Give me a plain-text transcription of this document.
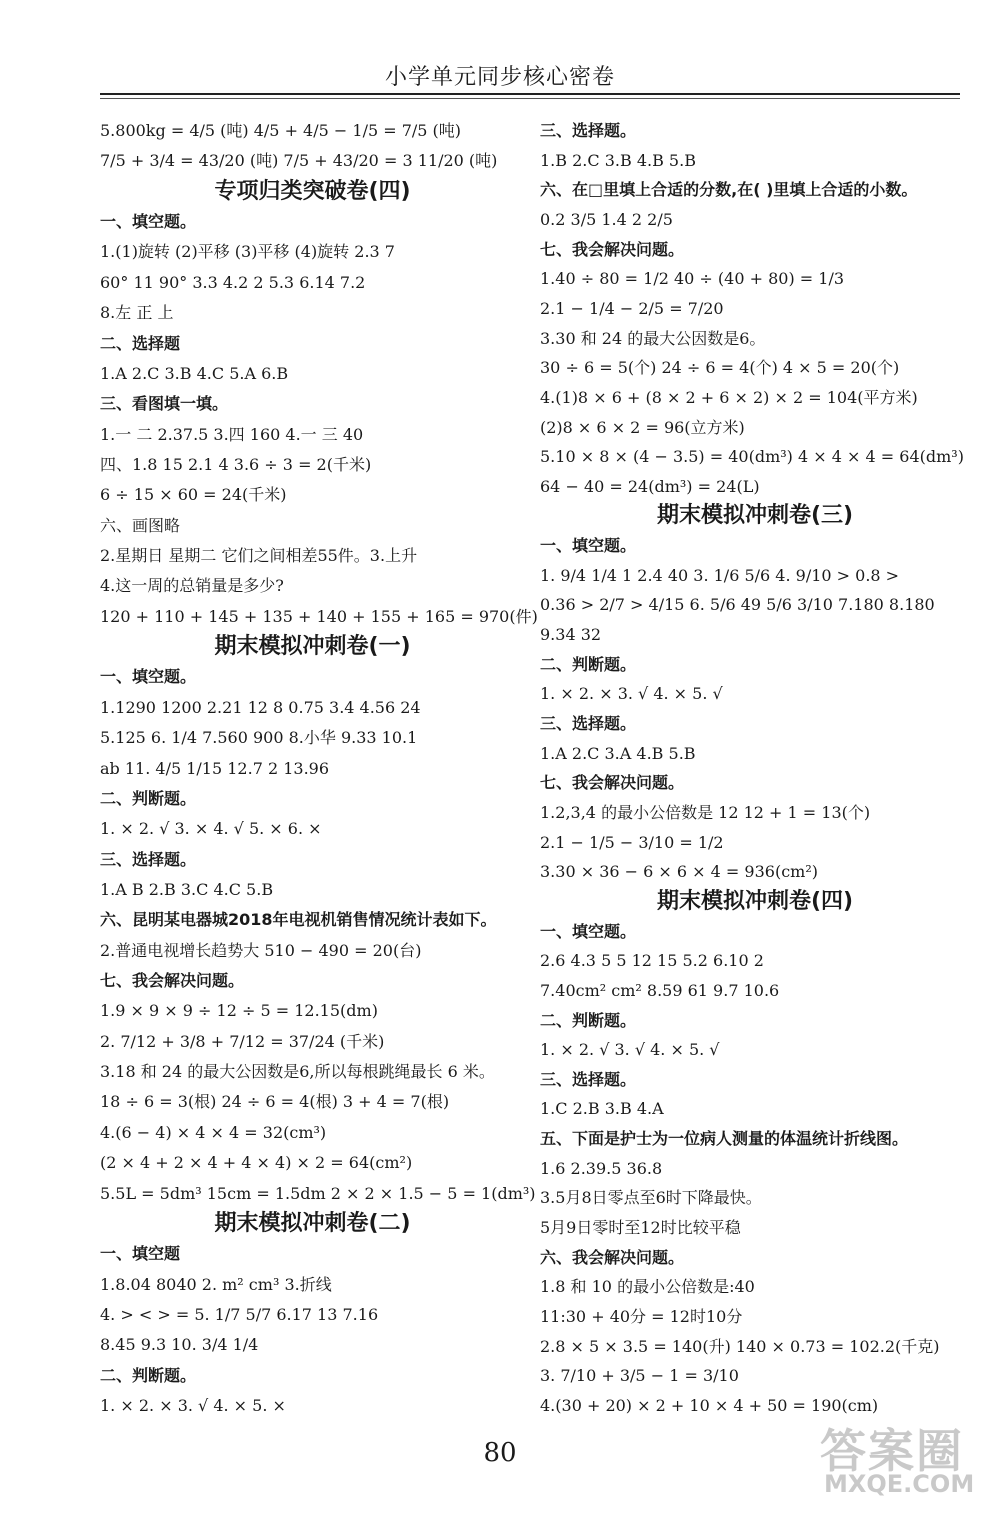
小学单元同步核心密卷
5.800kg = 4/5 (吨) 4/5 + 4/5 − 1/5 = 7/5 (吨)
7/5 + 3/4 = 43/20 (吨) 7/5 + 43/20 = 3 11/20 (吨)
专项归类突破卷(四)
一、填空题。
1.(1)旋转 (2)平移 (3)平移 (4)旋转 2.3 7
60° 11 90° 3.3 4.2 2 5.3 6.14 7.2
8.左 正 上
二、选择题
1.A 2.C 3.B 4.C 5.A 6.B
三、看图填一填。
1.一 二 2.37.5 3.四 160 4.一 三 40
四、1.8 15 2.1 4 3.6 ÷ 3 = 2(千米)
6 ÷ 15 × 60 = 24(千米)
六、画图略
2.星期日 星期二 它们之间相差55件。3.上升
4.这一周的总销量是多少?
120 + 110 + 145 + 135 + 140 + 155 + 165 = 970(件)
期末模拟冲刺卷(一)
一、填空题。
1.1290 1200 2.21 12 8 0.75 3.4 4.56 24
5.125 6. 1/4 7.560 900 8.小华 9.33 10.1
ab 11. 4/5 1/15 12.7 2 13.96
二、判断题。
1. × 2. √ 3. × 4. √ 5. × 6. ×
三、选择题。
1.A B 2.B 3.C 4.C 5.B
六、昆明某电器城2018年电视机销售情况统计表如下。
2.普通电视增长趋势大 510 − 490 = 20(台)
七、我会解决问题。
1.9 × 9 × 9 ÷ 12 ÷ 5 = 12.15(dm)
2. 7/12 + 3/8 + 7/12 = 37/24 (千米)
3.18 和 24 的最大公因数是6,所以每根跳绳最长 6 米。
18 ÷ 6 = 3(根) 24 ÷ 6 = 4(根) 3 + 4 = 7(根)
4.(6 − 4) × 4 × 4 = 32(cm³)
(2 × 4 + 2 × 4 + 4 × 4) × 2 = 64(cm²)
5.5L = 5dm³ 15cm = 1.5dm 2 × 2 × 1.5 − 5 = 1(dm³)
期末模拟冲刺卷(二)
一、填空题
1.8.04 8040 2. m² cm³ 3.折线
4. > < > = 5. 1/7 5/7 6.17 13 7.16
8.45 9.3 10. 3/4 1/4
二、判断题。
1. × 2. × 3. √ 4. × 5. ×
三、选择题。
1.B 2.C 3.B 4.B 5.B
六、在□里填上合适的分数,在( )里填上合适的小数。
0.2 3/5 1.4 2 2/5
七、我会解决问题。
1.40 ÷ 80 = 1/2 40 ÷ (40 + 80) = 1/3
2.1 − 1/4 − 2/5 = 7/20
3.30 和 24 的最大公因数是6。
30 ÷ 6 = 5(个) 24 ÷ 6 = 4(个) 4 × 5 = 20(个)
4.(1)8 × 6 + (8 × 2 + 6 × 2) × 2 = 104(平方米)
(2)8 × 6 × 2 = 96(立方米)
5.10 × 8 × (4 − 3.5) = 40(dm³) 4 × 4 × 4 = 64(dm³)
64 − 40 = 24(dm³) = 24(L)
期末模拟冲刺卷(三)
一、填空题。
1. 9/4 1/4 1 2.4 40 3. 1/6 5/6 4. 9/10 > 0.8 >
0.36 > 2/7 > 4/15 6. 5/6 49 5/6 3/10 7.180 8.180
9.34 32
二、判断题。
1. × 2. × 3. √ 4. × 5. √
三、选择题。
1.A 2.C 3.A 4.B 5.B
七、我会解决问题。
1.2,3,4 的最小公倍数是 12 12 + 1 = 13(个)
2.1 − 1/5 − 3/10 = 1/2
3.30 × 36 − 6 × 6 × 4 = 936(cm²)
期末模拟冲刺卷(四)
一、填空题。
2.6 4.3 5 5 12 15 5.2 6.10 2
7.40cm² cm² 8.59 61 9.7 10.6
二、判断题。
1. × 2. √ 3. √ 4. × 5. √
三、选择题。
1.C 2.B 3.B 4.A
五、下面是护士为一位病人测量的体温统计折线图。
1.6 2.39.5 36.8
3.5月8日零点至6时下降最快。
5月9日零时至12时比较平稳
六、我会解决问题。
1.8 和 10 的最小公倍数是:40
11:30 + 40分 = 12时10分
2.8 × 5 × 3.5 = 140(升) 140 × 0.73 = 102.2(千克)
3. 7/10 + 3/5 − 1 = 3/10
4.(30 + 20) × 2 + 10 × 4 + 50 = 190(cm)
80	答案圈
MXQE.COM
